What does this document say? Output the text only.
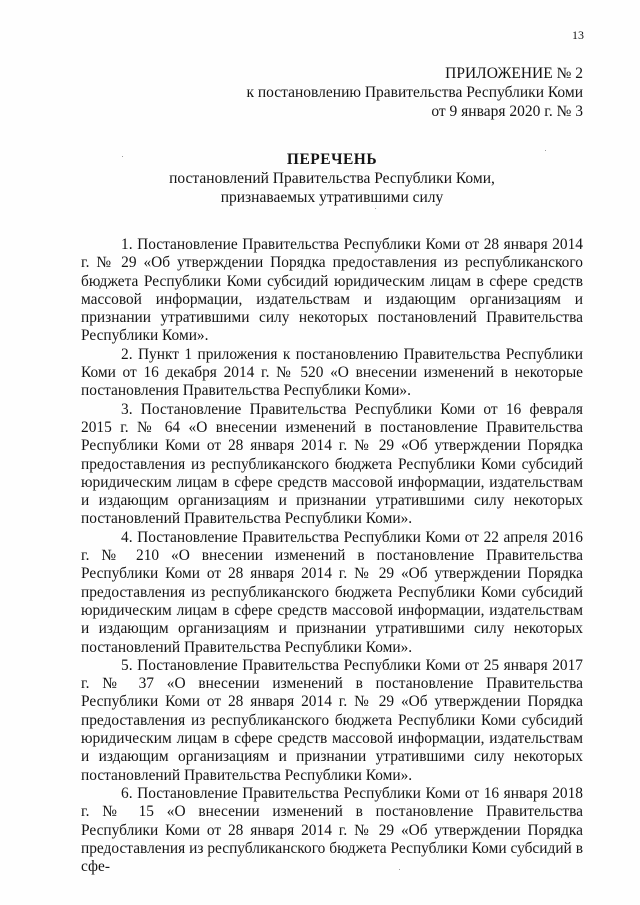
13
ПРИЛОЖЕНИЕ № 2
к постановлению Правительства Республики Коми
от 9 января 2020 г. № 3
ПЕРЕЧЕНЬ
постановлений Правительства Республики Коми,
признаваемых утратившими силу

1. Постановление Правительства Республики Коми от 28 января 2014 г. № 29 «Об утверждении Порядка предоставления из республиканского бюджета Республики Коми субсидий юридическим лицам в сфере средств массовой информации, издательствам и издающим организациям и признании утратившими силу некоторых постановлений Правительства Республики Коми».

2. Пункт 1 приложения к постановлению Правительства Республики Коми от 16 декабря 2014 г. № 520 «О внесении изменений в некоторые постановления Правительства Республики Коми».

3. Постановление Правительства Республики Коми от 16 февраля 2015 г. № 64 «О внесении изменений в постановление Правительства Республики Коми от 28 января 2014 г. № 29 «Об утверждении Порядка предоставления из республиканского бюджета Республики Коми субсидий юридическим лицам в сфере средств массовой информации, издательствам и издающим организациям и признании утратившими силу некоторых постановлений Правительства Республики Коми».

4. Постановление Правительства Республики Коми от 22 апреля 2016 г. № 210 «О внесении изменений в постановление Правительства Республики Коми от 28 января 2014 г. № 29 «Об утверждении Порядка предоставления из республиканского бюджета Республики Коми субсидий юридическим лицам в сфере средств массовой информации, издательствам и издающим организациям и признании утратившими силу некоторых постановлений Правительства Республики Коми».

5. Постановление Правительства Республики Коми от 25 января 2017 г. № 37 «О внесении изменений в постановление Правительства Республики Коми от 28 января 2014 г. № 29 «Об утверждении Порядка предоставления из республиканского бюджета Республики Коми субсидий юридическим лицам в сфере средств массовой информации, издательствам и издающим организациям и признании утратившими силу некоторых постановлений Правительства Республики Коми».

6. Постановление Правительства Республики Коми от 16 января 2018 г. № 15 «О внесении изменений в постановление Правительства Республики Коми от 28 января 2014 г. № 29 «Об утверждении Порядка предоставления из республиканского бюджета Республики Коми субсидий в сфе-
